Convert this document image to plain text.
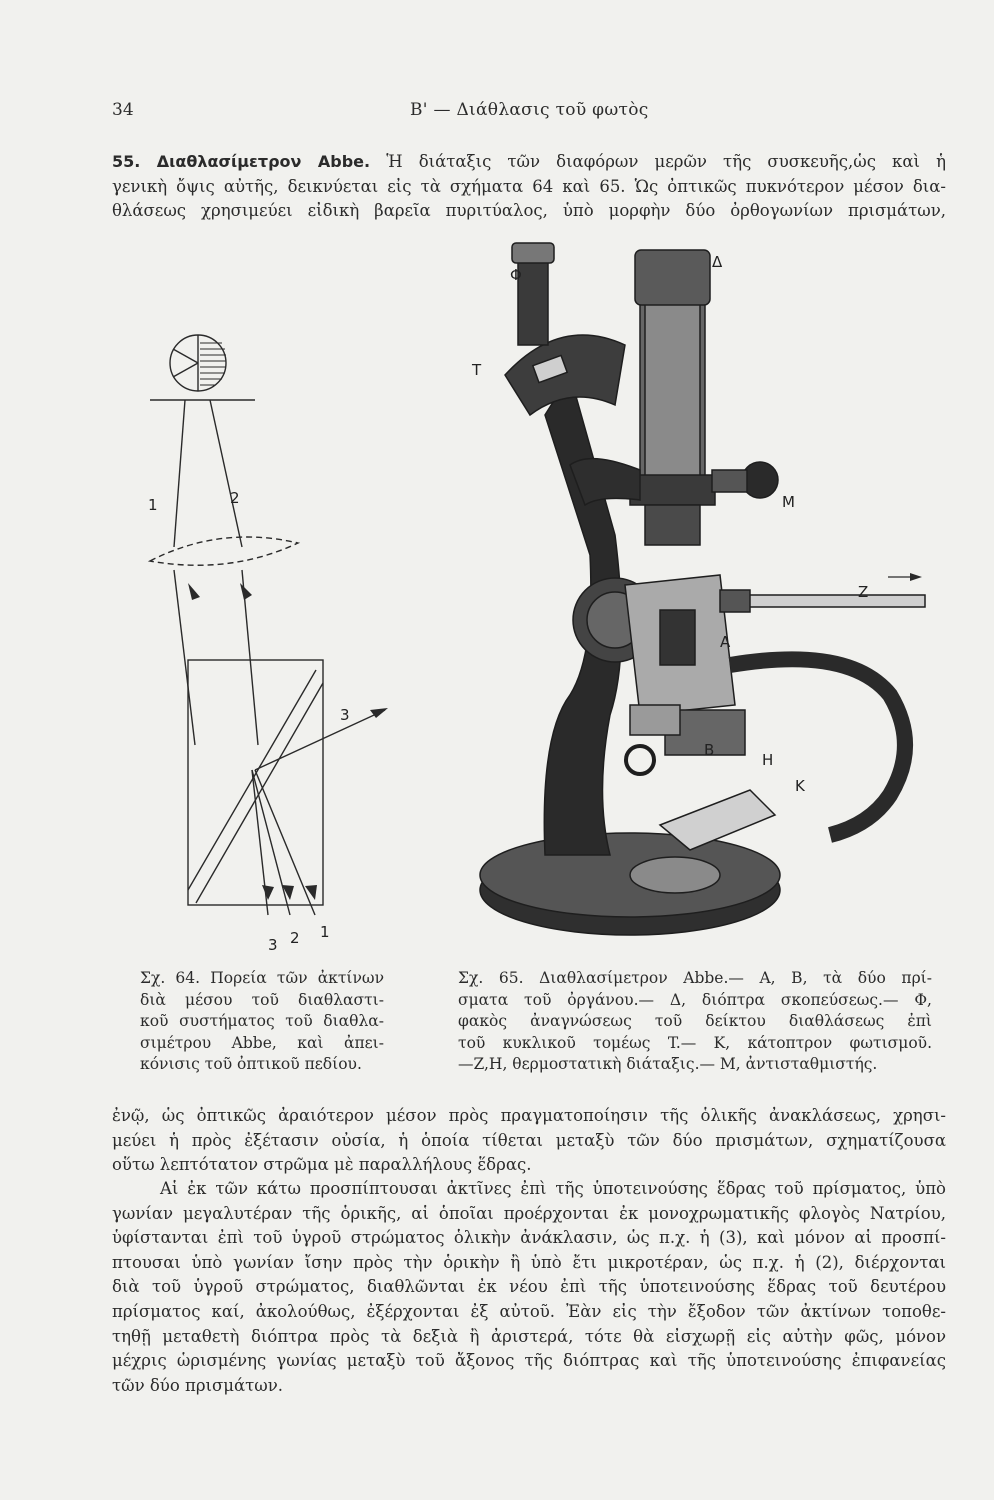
34	Β' — Διάθλασις τοῦ φωτὸς
55. Διαθλασίμετρον Abbe. Ἡ διάταξις τῶν διαφόρων μερῶν τῆς συσκευῆς,ὡς καὶ ἡ
γενικὴ ὄψις αὐτῆς, δεικνύεται εἰς τὰ σχήματα 64 καὶ 65. Ὡς ὀπτικῶς πυκνότερον μέσον δια-
θλάσεως χρησιμεύει εἰδικὴ βαρεῖα πυριτύαλος, ὑπὸ μορφὴν δύο ὀρθογωνίων πρισμάτων,
1	2
3
3 2 1
Φ
Δ
T
M
Z
H
K
A
B
Σχ. 64. Πορεία τῶν ἀκτίνων
διὰ μέσου τοῦ διαθλαστι-
κοῦ συστήματος τοῦ διαθλα-
σιμέτρου Abbe, καὶ ἀπει-
κόνισις τοῦ ὀπτικοῦ πεδίου.
Σχ. 65. Διαθλασίμετρον Abbe.— A, B, τὰ δύο πρί-
σματα τοῦ ὀργάνου.— Δ, διόπτρα σκοπεύσεως.— Φ,
φακὸς ἀναγνώσεως τοῦ δείκτου διαθλάσεως ἐπὶ
τοῦ κυκλικοῦ τομέως T.— K, κάτοπτρον φωτισμοῦ.
—Z,H, θερμοστατικὴ διάταξις.— M, ἀντισταθμιστής.
ἐνῷ, ὡς ὀπτικῶς ἀραιότερον μέσον πρὸς πραγματοποίησιν τῆς ὁλικῆς ἀνακλάσεως, χρησι-
μεύει ἡ πρὸς ἐξέτασιν οὐσία, ἡ ὁποία τίθεται μεταξὺ τῶν δύο πρισμάτων, σχηματίζουσα
οὕτω λεπτότατον στρῶμα μὲ παραλλήλους ἕδρας.
Αἱ ἐκ τῶν κάτω προσπίπτουσαι ἀκτῖνες ἐπὶ τῆς ὑποτεινούσης ἕδρας τοῦ πρίσματος, ὑπὸ
γωνίαν μεγαλυτέραν τῆς ὁρικῆς, αἱ ὁποῖαι προέρχονται ἐκ μονοχρωματικῆς φλογὸς Νατρίου,
ὑφίστανται ἐπὶ τοῦ ὑγροῦ στρώματος ὁλικὴν ἀνάκλασιν, ὡς π.χ. ἡ (3), καὶ μόνον αἱ προσπί-
πτουσαι ὑπὸ γωνίαν ἴσην πρὸς τὴν ὁρικὴν ἢ ὑπὸ ἔτι μικροτέραν, ὡς π.χ. ἡ (2), διέρχονται
διὰ τοῦ ὑγροῦ στρώματος, διαθλῶνται ἐκ νέου ἐπὶ τῆς ὑποτεινούσης ἕδρας τοῦ δευτέρου
πρίσματος καί, ἀκολούθως, ἐξέρχονται ἐξ αὐτοῦ. Ἐὰν εἰς τὴν ἔξοδον τῶν ἀκτίνων τοποθε-
τηθῇ μεταθετὴ διόπτρα πρὸς τὰ δεξιὰ ἢ ἀριστερά, τότε θὰ εἰσχωρῇ εἰς αὐτὴν φῶς, μόνον
μέχρις ὡρισμένης γωνίας μεταξὺ τοῦ ἄξονος τῆς διόπτρας καὶ τῆς ὑποτεινούσης ἐπιφανείας
τῶν δύο πρισμάτων.
